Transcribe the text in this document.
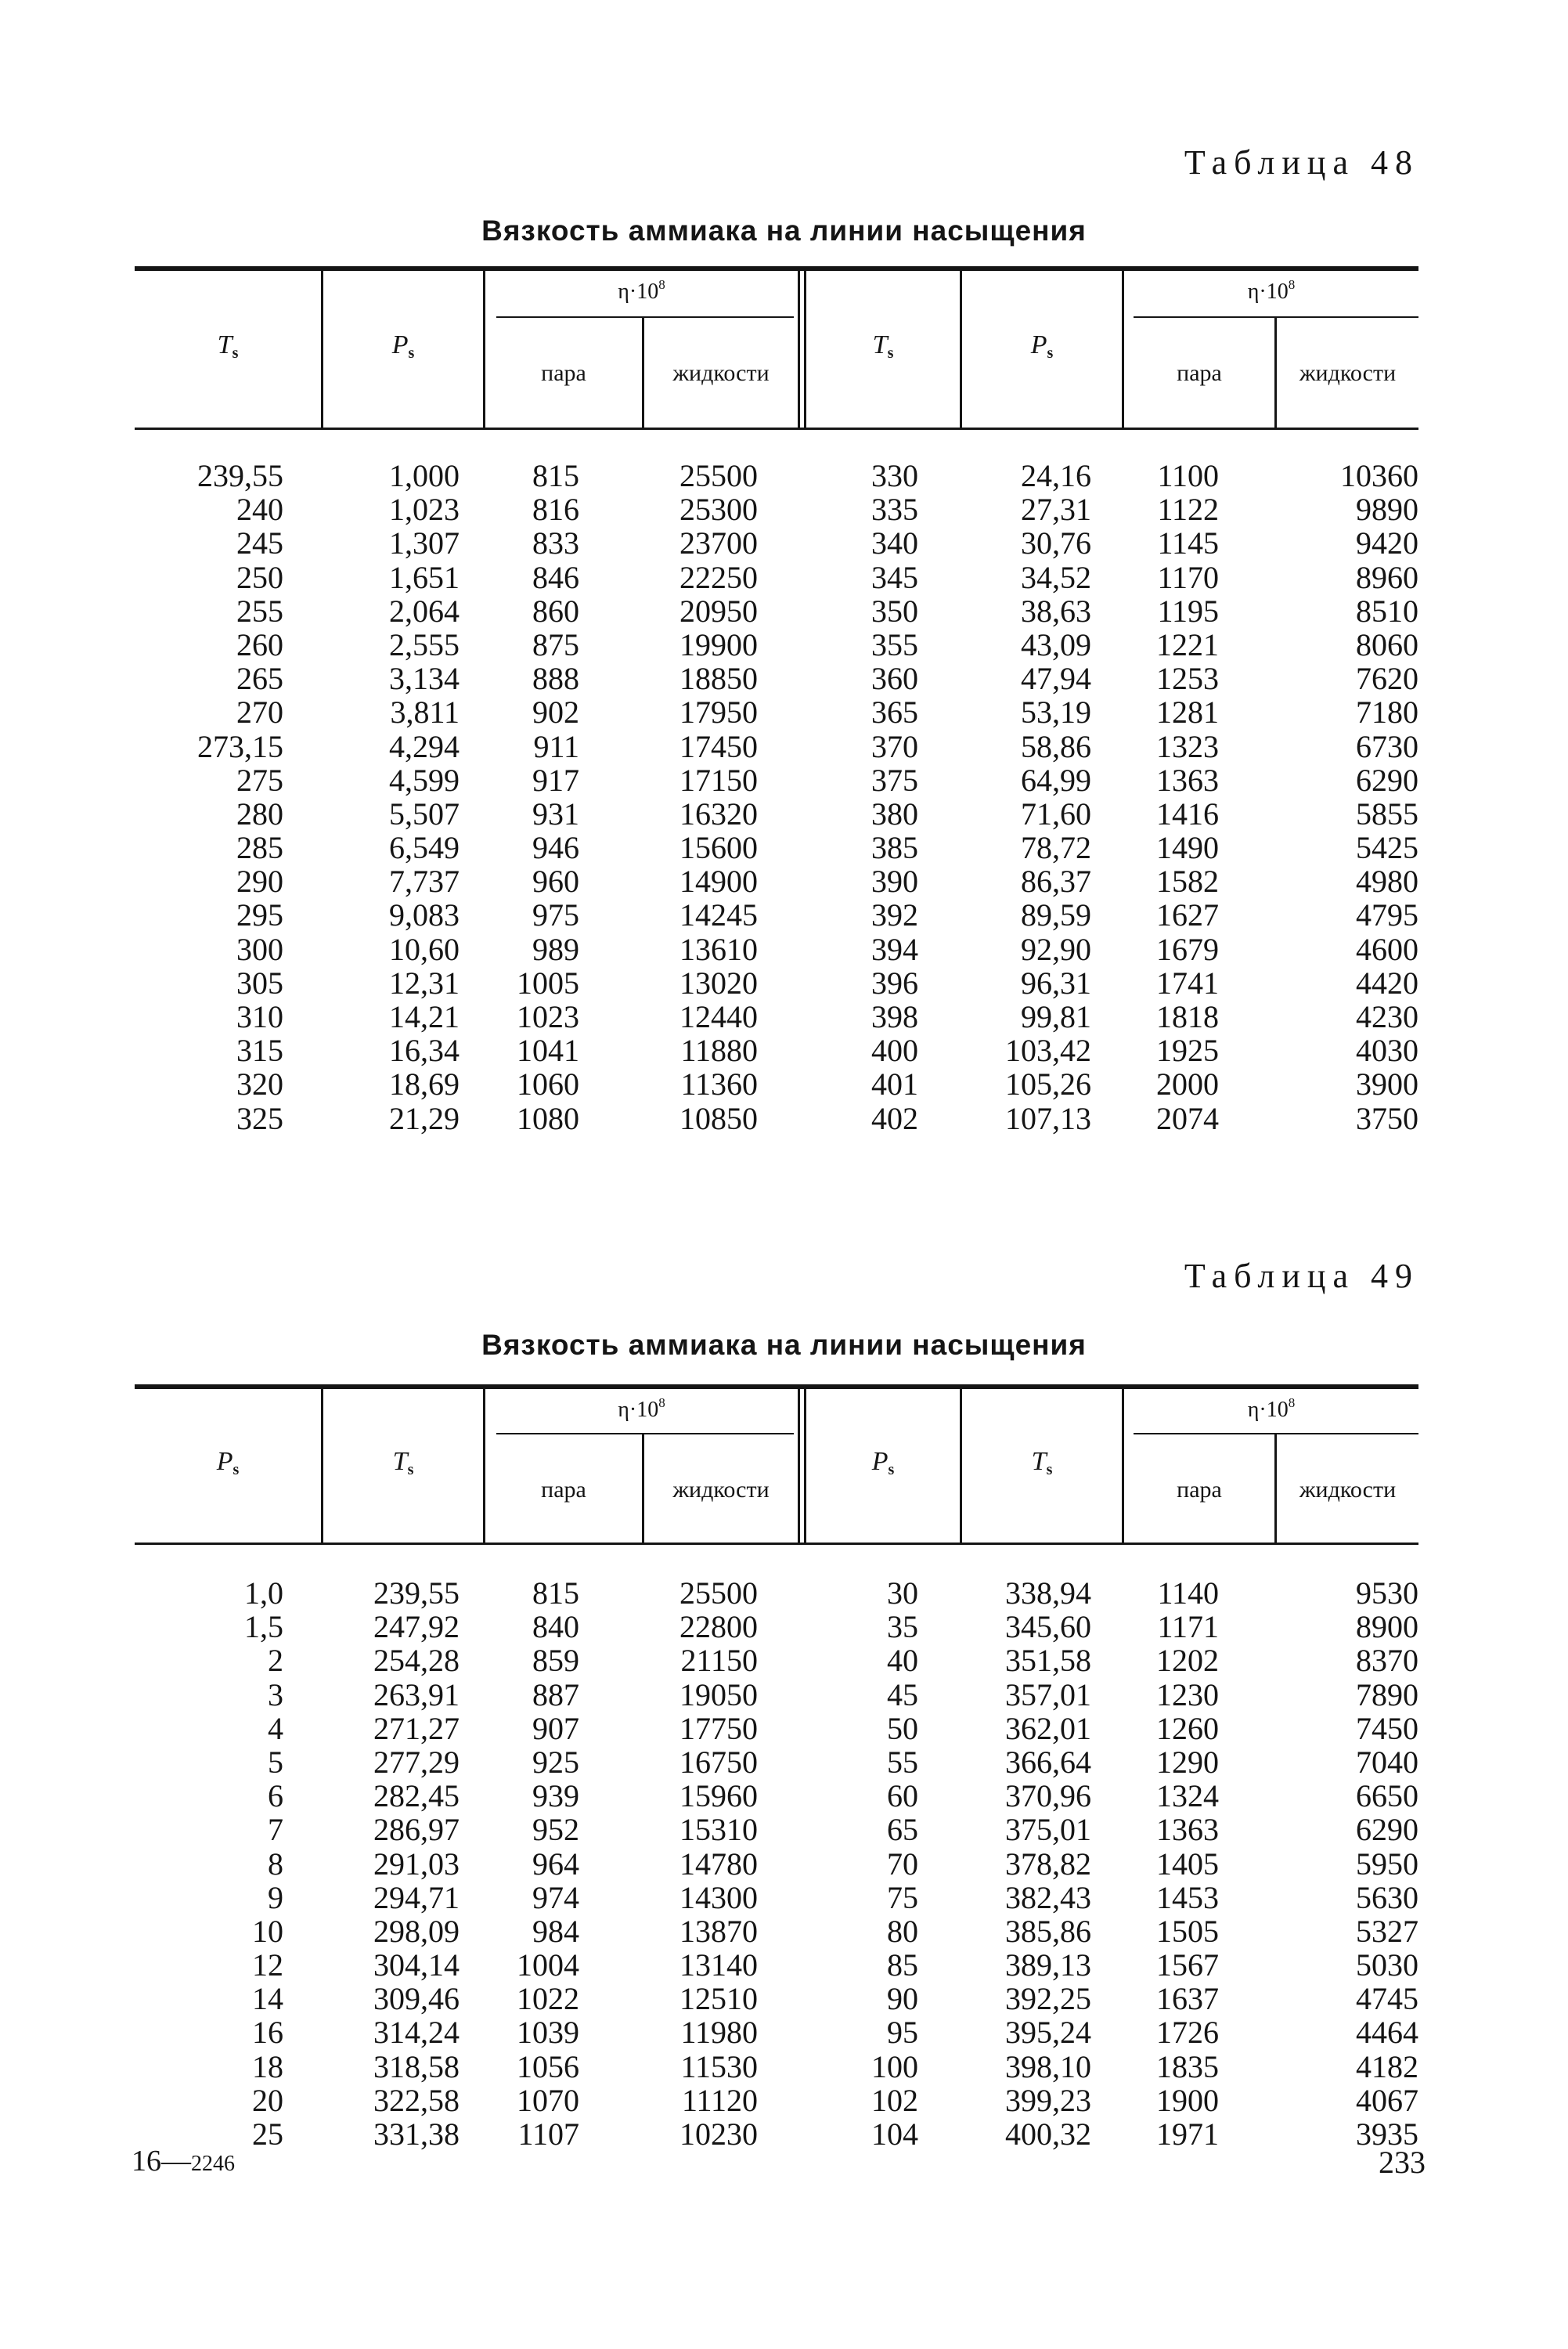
Таблица 48
Вязкость аммиака на линии насыщения
$T_s$	$P_s$
$\eta\cdot 10^8$
пара	жидкости
$T_s$	$P_s$
$\eta\cdot 10^8$
пара	жидкости
239,55	1,000	815	25500	330	24,16	1100	10360
240	1,023	816	25300	335	27,31	1122	9890
245	1,307	833	23700	340	30,76	1145	9420
250	1,651	846	22250	345	34,52	1170	8960
255	2,064	860	20950	350	38,63	1195	8510
260	2,555	875	19900	355	43,09	1221	8060
265	3,134	888	18850	360	47,94	1253	7620
270	3,811	902	17950	365	53,19	1281	7180
273,15	4,294	911	17450	370	58,86	1323	6730
275	4,599	917	17150	375	64,99	1363	6290
280	5,507	931	16320	380	71,60	1416	5855
285	6,549	946	15600	385	78,72	1490	5425
290	7,737	960	14900	390	86,37	1582	4980
295	9,083	975	14245	392	89,59	1627	4795
300	10,60	989	13610	394	92,90	1679	4600
305	12,31	1005	13020	396	96,31	1741	4420
310	14,21	1023	12440	398	99,81	1818	4230
315	16,34	1041	11880	400	103,42	1925	4030
320	18,69	1060	11360	401	105,26	2000	3900
325	21,29	1080	10850	402	107,13	2074	3750
Таблица 49
Вязкость аммиака на линии насыщения
$P_s$	$T_s$
$\eta\cdot 10^8$
пара	жидкости
$P_s$	$T_s$
$\eta\cdot 10^8$
пара	жидкости
1,0	239,55	815	25500	30	338,94	1140	9530
1,5	247,92	840	22800	35	345,60	1171	8900
2	254,28	859	21150	40	351,58	1202	8370
3	263,91	887	19050	45	357,01	1230	7890
4	271,27	907	17750	50	362,01	1260	7450
5	277,29	925	16750	55	366,64	1290	7040
6	282,45	939	15960	60	370,96	1324	6650
7	286,97	952	15310	65	375,01	1363	6290
8	291,03	964	14780	70	378,82	1405	5950
9	294,71	974	14300	75	382,43	1453	5630
10	298,09	984	13870	80	385,86	1505	5327
12	304,14	1004	13140	85	389,13	1567	5030
14	309,46	1022	12510	90	392,25	1637	4745
16	314,24	1039	11980	95	395,24	1726	4464
18	318,58	1056	11530	100	398,10	1835	4182
20	322,58	1070	11120	102	399,23	1900	4067
25	331,38	1107	10230	104	400,32	1971	3935
16—2246	233
